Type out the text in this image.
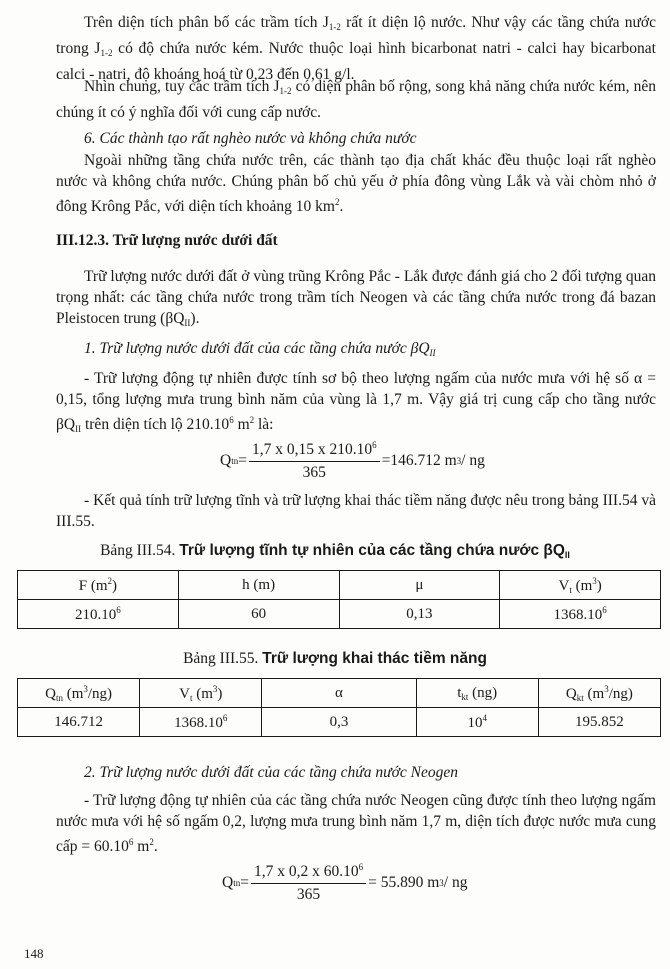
Trên diện tích phân bố các trầm tích $J_{1-2}$ rất ít diện lộ nước. Như vậy các tầng chứa nước trong $J_{1-2}$ có độ chứa nước kém. Nước thuộc loại hình bicarbonat natri - calci hay bicarbonat calci - natri, độ khoáng hoá từ 0,23 đến 0,61 g/l.

Nhìn chung, tuy các trầm tích $J_{1-2}$ có diện phân bố rộng, song khả năng chứa nước kém, nên chúng ít có ý nghĩa đối với cung cấp nước.

6. Các thành tạo rất nghèo nước và không chứa nước

Ngoài những tầng chứa nước trên, các thành tạo địa chất khác đều thuộc loại rất nghèo nước và không chứa nước. Chúng phân bố chủ yếu ở phía đông vùng Lắk và vài chòm nhỏ ở đông Krông Pắc, với diện tích khoảng 10 $km^2$.

III.12.3. Trữ lượng nước dưới đất

Trữ lượng nước dưới đất ở vùng trũng Krông Pắc - Lắk được đánh giá cho 2 đối tượng quan trọng nhất: các tầng chứa nước trong trầm tích Neogen và các tầng chứa nước trong đá bazan Pleistocen trung $(\beta Q_{II})$.

1. Trữ lượng nước dưới đất của các tầng chứa nước $\beta Q_{II}$

- Trữ lượng động tự nhiên được tính sơ bộ theo lượng ngấm của nước mưa với hệ số α = 0,15, tổng lượng mưa trung bình năm của vùng là 1,7 m. Vậy giá trị cung cấp cho tầng nước $\beta Q_{II}$ trên diện tích lộ 210.10$^6$ $m^2$ là:

Q tn = $\frac{1,7 x 0,15 x 210.10^6}{365} =146.712$ m 3 / ng

- Kết quả tính trữ lượng tĩnh và trữ lượng khai thác tiềm năng được nêu trong bảng III.54 và III.55.

Bảng III.54. Trữ lượng tĩnh tự nhiên của các tầng chứa nước $\beta Q_{II}$

F $(m^2)$	h (m)	μ	$V_t$ $(m^3)$
210.10$^6$	60	0,13	1368.10$^6$

Bảng III.55. Trữ lượng khai thác tiềm năng

$Q_{tn}$ $(m^3/ng)$	$V_t$ $(m^3)$	α	$t_{kt}$ (ng)	$Q_{kt}$ $(m^3/ng)$
146.712	1368.10$^6$	0,3	$10^4$	195.852

2. Trữ lượng nước dưới đất của các tầng chứa nước Neogen

- Trữ lượng động tự nhiên của các tầng chứa nước Neogen cũng được tính theo lượng ngấm nước mưa với hệ số ngấm 0,2, lượng mưa trung bình năm 1,7 m, diện tích được nước mưa cung cấp = $60.10^6$ $m^2$.

Q tn = $\frac{1,7 x 0,2 x 60.10^6}{365} = 55.890$ m 3 / ng
148
